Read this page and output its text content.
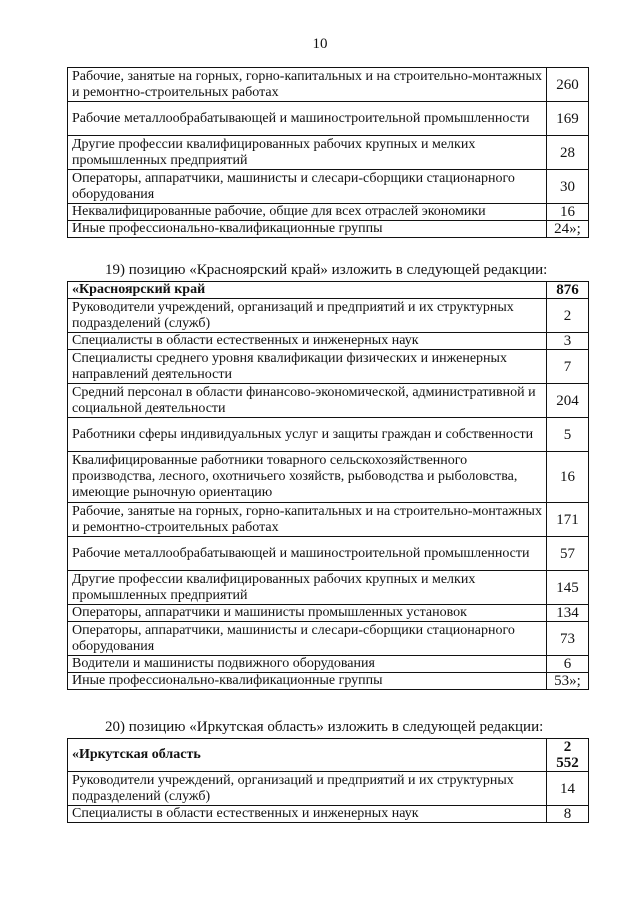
10
Рабочие, занятые на горных, горно-капитальных и на строительно-монтажных и ремонтно-строительных работах	260
Рабочие металлообрабатывающей и машиностроительной промышленности	169
Другие профессии квалифицированных рабочих крупных и мелких промышленных предприятий	28
Операторы, аппаратчики, машинисты и слесари-сборщики стационарного оборудования	30
Неквалифицированные рабочие, общие для всех отраслей экономики	16
Иные профессионально-квалификационные группы	24»;
19) позицию «Красноярский край» изложить в следующей редакции:
«Красноярский край	876
Руководители учреждений, организаций и предприятий и их структурных подразделений (служб)	2
Специалисты в области естественных и инженерных наук	3
Специалисты среднего уровня квалификации физических и инженерных направлений деятельности	7
Средний персонал в области финансово-экономической, административной и социальной деятельности	204
Работники сферы индивидуальных услуг и защиты граждан и собственности	5
Квалифицированные работники товарного сельскохозяйственного производства, лесного, охотничьего хозяйств, рыбоводства и рыболовства, имеющие рыночную ориентацию	16
Рабочие, занятые на горных, горно-капитальных и на строительно-монтажных и ремонтно-строительных работах	171
Рабочие металлообрабатывающей и машиностроительной промышленности	57
Другие профессии квалифицированных рабочих крупных и мелких промышленных предприятий	145
Операторы, аппаратчики и машинисты промышленных установок	134
Операторы, аппаратчики, машинисты и слесари-сборщики стационарного оборудования	73
Водители и машинисты подвижного оборудования	6
Иные профессионально-квалификационные группы	53»;
20) позицию «Иркутская область» изложить в следующей редакции:
«Иркутская область	2 552
Руководители учреждений, организаций и предприятий и их структурных подразделений (служб)	14
Специалисты в области естественных и инженерных наук	8
